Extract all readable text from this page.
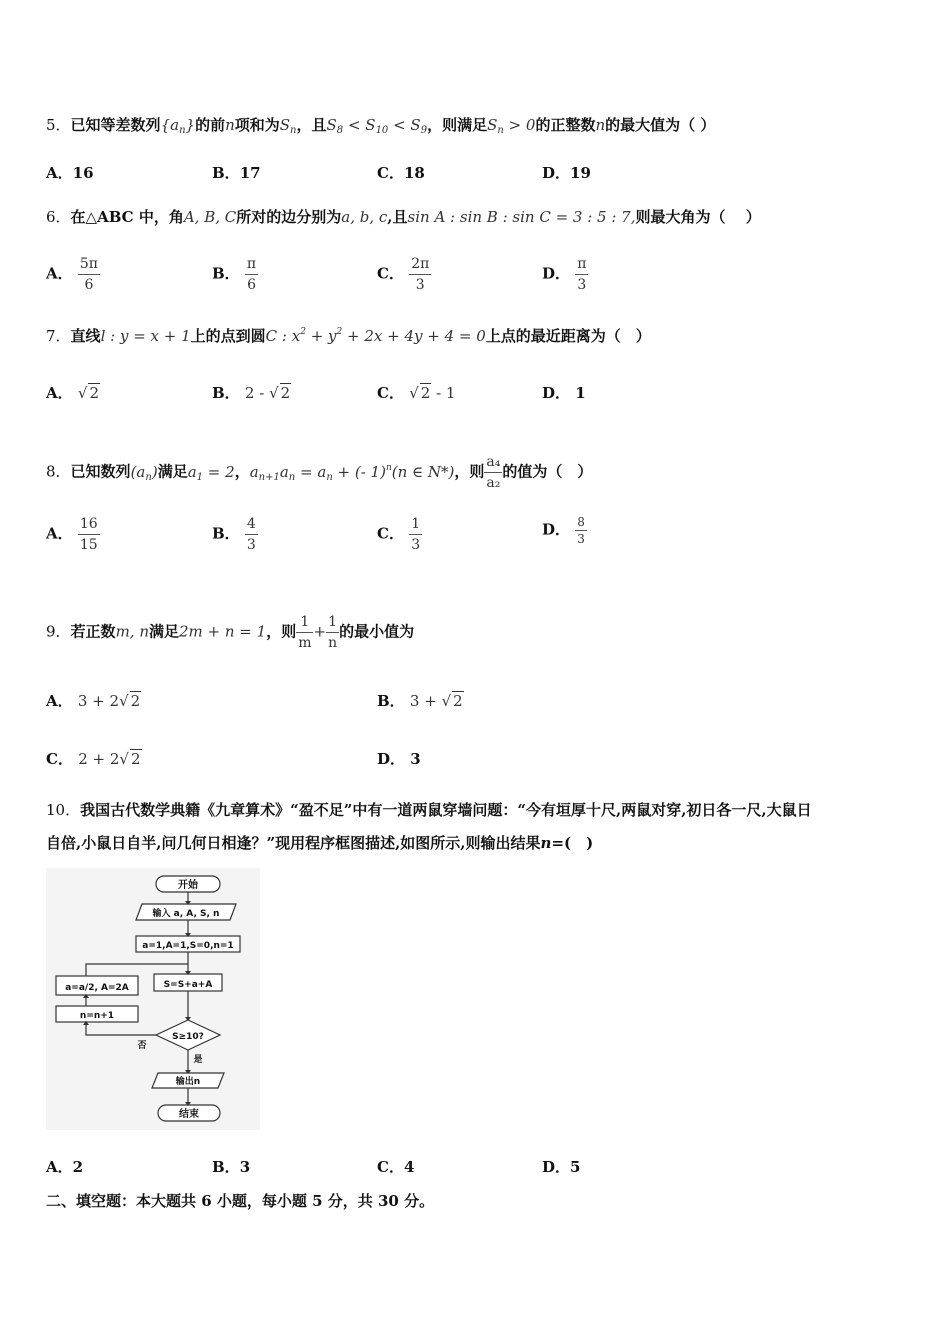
5．已知等差数列$\{a_n\}$的前n项和为$S_n$，且$S_8 < S_{10} < S_9$，则满足$S_n > 0$的正整数n的最大值为（ ）
A．16	B．17	C．18	D．19
6．在△ABC 中，角A, B, C所对的边分别为a, b, c,且sin A : sin B : sin C = 3 : 5 : 7,则最大角为（　 ）
A． $\frac{5\pi}{6}$	B． $\frac{\pi}{6}$	C． $\frac{2\pi}{3}$	D． $\frac{\pi}{3}$
7．直线l : y = x + 1上的点到圆C : $x^2 + y^2 + 2x + 4y + 4 = 0$上点的最近距离为（　）
A． √ 2	B． 2 - √ 2	C． √ 2 - 1	D． 1
8．已知数列$(a_n)$满足$a_1 = 2$，$a_{n+1}a_n = a_n$ + (- 1)$^n$(n ∈ N*)，则 $\frac{\text{a₄}}{\text{a₂}}$ 的值为（　）
A． $\frac{16}{15}$	B． $\frac{4}{3}$	C． $\frac{1}{3}$	D． $\frac{8}{3}$
9．若正数m, n满足2m + n = 1，则 $\frac{1}{m} + \frac{1}{n}$ 的最小值为
A． 3 + 2√ 2	B． 3 + √ 2
C． 2 + 2√ 2	D． 3
10．我国古代数学典籍《九章算术》“盈不足”中有一道两鼠穿墙问题：“今有垣厚十尺,两鼠对穿,初日各一尺,大鼠日
自倍,小鼠日自半,问几何日相逢？”现用程序框图描述,如图所示,则输出结果n=(　)
开始
输入 a, A, S, n
a=1,A=1,S=0,n=1
S=S+a+A
a=a/2, A=2A
n=n+1
S≥10?
否
是
输出n
结束
A．2	B．3	C．4	D．5
二、填空题：本大题共 6 小题，每小题 5 分，共 30 分。
